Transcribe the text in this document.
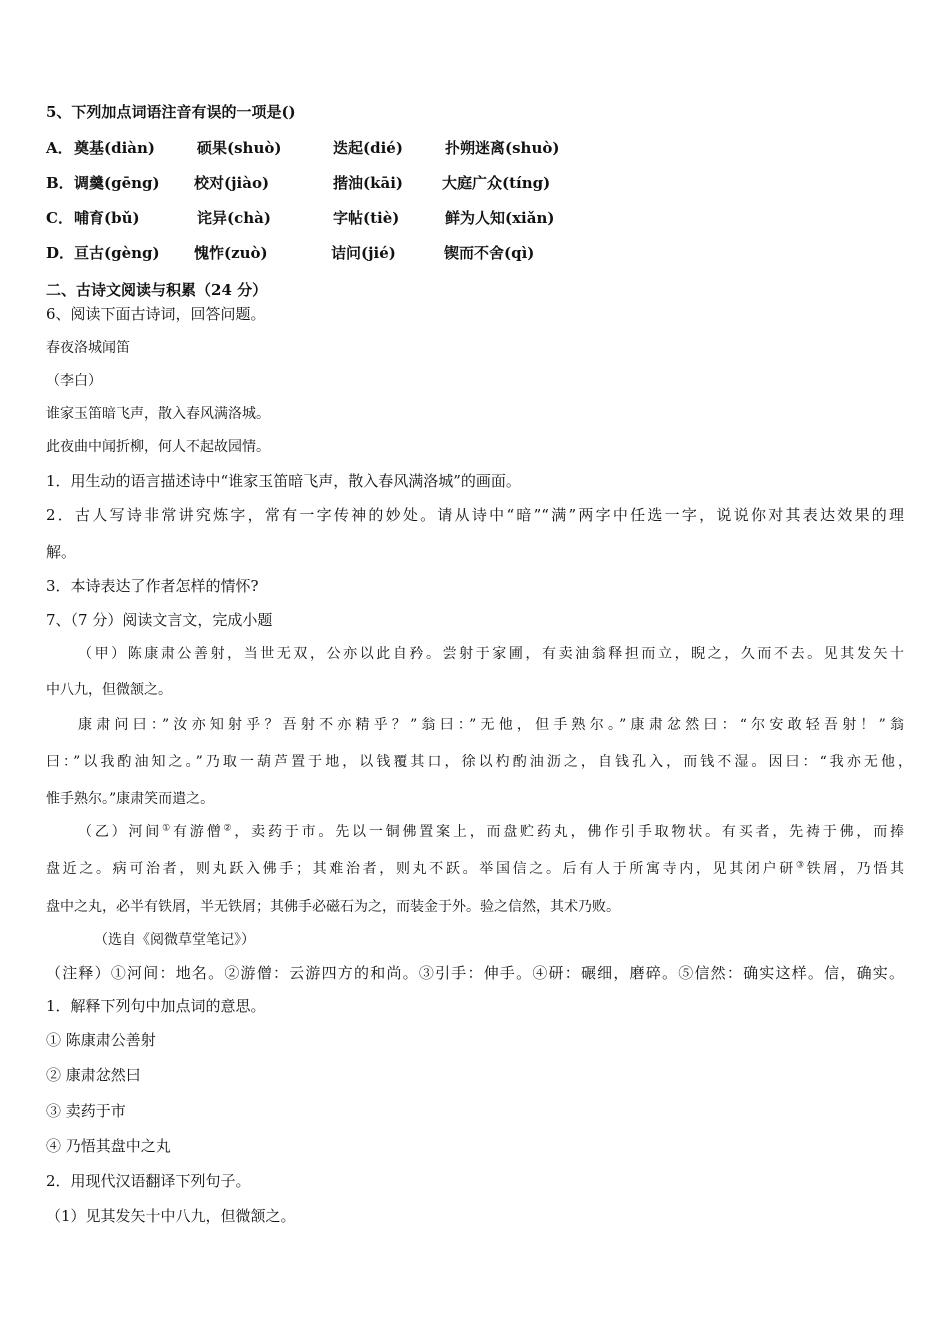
5、下列加点词语注音有误的一项是()
A． 奠基(diàn)	硕果(shuò)	迭起(dié)	扑朔迷离(shuò)
B． 调羹(gēng) 校对(jiào)	揩油(kāi)	大庭广众(tíng)
C． 哺育(bǔ)	诧异(chà)	字帖(tiè)	鲜为人知(xiǎn)
D． 亘古(gèng) 愧怍(zuò)	诘问(jié)	锲而不舍(qì)
二、古诗文阅读与积累（24 分）
6、阅读下面古诗词，回答问题。
春夜洛城闻笛
（李白）
谁家玉笛暗飞声，散入春风满洛城。
此夜曲中闻折柳，何人不起故园情。
1．用生动的语言描述诗中“谁家玉笛暗飞声，散入春风满洛城”的画面。
2．古人写诗非常讲究炼字，常有一字传神的妙处。请从诗中“暗”“满”两字中任选一字，说说你对其表达效果的理
解。
3．本诗表达了作者怎样的情怀?
7、（7 分）阅读文言文，完成小题
（甲）陈康肃公善射，当世无双，公亦以此自矜。尝射于家圃，有卖油翁释担而立，睨之，久而不去。见其发矢十
中八九，但微颔之。
康肃问曰：”汝亦知射乎？吾射不亦精乎？”翁曰：”无他，但手熟尔。”康肃忿然曰：“尔安敢轻吾射！”翁
曰：”以我酌油知之。”乃取一葫芦置于地，以钱覆其口，徐以杓酌油沥之，自钱孔入，而钱不湿。因曰：“我亦无他，
惟手熟尔。”康肃笑而遣之。
（乙）河间①有游僧②，卖药于市。先以一铜佛置案上，而盘贮药丸，佛作引手取物状。有买者，先祷于佛，而捧
盘近之。病可治者，则丸跃入佛手；其难治者，则丸不跃。举国信之。后有人于所寓寺内，见其闭户研③铁屑，乃悟其
盘中之丸，必半有铁屑，半无铁屑；其佛手必磁石为之，而装金于外。验之信然，其术乃败。
（选自《阅微草堂笔记》）
（注释）①河间：地名。②游僧：云游四方的和尚。③引手：伸手。④研：碾细，磨碎。⑤信然：确实这样。信，确实。
1．解释下列句中加点词的意思。
① 陈康肃公善射
② 康肃忿然曰
③ 卖药于市
④ 乃悟其盘中之丸
2．用现代汉语翻译下列句子。
（1）见其发矢十中八九，但微颔之。
